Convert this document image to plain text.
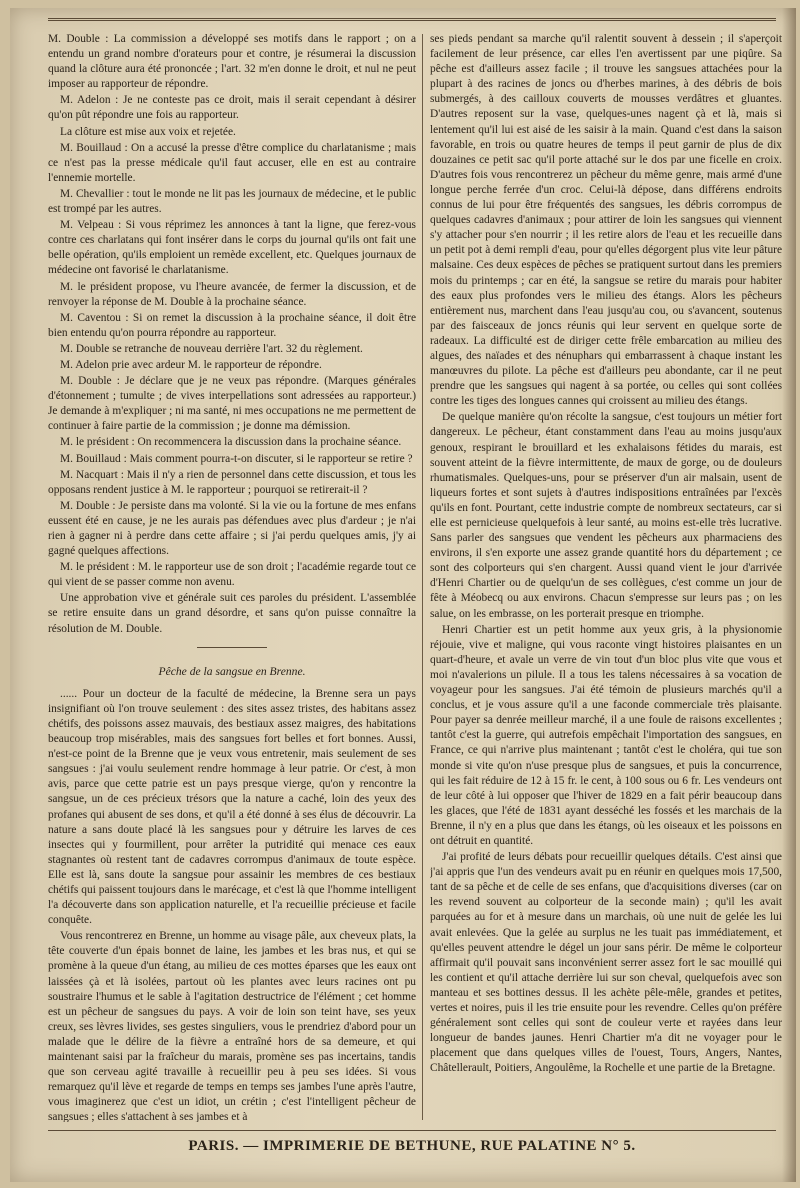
M. Double : La commission a développé ses motifs dans le rapport ; on a entendu un grand nombre d'orateurs pour et contre, je résumerai la discussion quand la clôture aura été prononcée ; l'art. 32 m'en donne le droit, et nul ne peut imposer au rapporteur de répondre.

M. Adelon : Je ne conteste pas ce droit, mais il serait cependant à désirer qu'on pût répondre une fois au rapporteur.

La clôture est mise aux voix et rejetée.

M. Bouillaud : On a accusé la presse d'être complice du charlatanisme ; mais ce n'est pas la presse médicale qu'il faut accuser, elle en est au contraire l'ennemie mortelle.

M. Chevallier : tout le monde ne lit pas les journaux de médecine, et le public est trompé par les autres.

M. Velpeau : Si vous réprimez les annonces à tant la ligne, que ferez-vous contre ces charlatans qui font insérer dans le corps du journal qu'ils ont fait une belle opération, qu'ils emploient un remède excellent, etc. Quelques journaux de médecine ont favorisé le charlatanisme.

M. le président propose, vu l'heure avancée, de fermer la discussion, et de renvoyer la réponse de M. Double à la prochaine séance.

M. Caventou : Si on remet la discussion à la prochaine séance, il doit être bien entendu qu'on pourra répondre au rapporteur.

M. Double se retranche de nouveau derrière l'art. 32 du règlement.

M. Adelon prie avec ardeur M. le rapporteur de répondre.

M. Double : Je déclare que je ne veux pas répondre. (Marques générales d'étonnement ; tumulte ; de vives interpellations sont adressées au rapporteur.) Je demande à m'expliquer ; ni ma santé, ni mes occupations ne me permettent de continuer à faire partie de la commission ; je donne ma démission.

M. le président : On recommencera la discussion dans la prochaine séance.

M. Bouillaud : Mais comment pourra-t-on discuter, si le rapporteur se retire ?

M. Nacquart : Mais il n'y a rien de personnel dans cette discussion, et tous les opposans rendent justice à M. le rapporteur ; pourquoi se retirerait-il ?

M. Double : Je persiste dans ma volonté. Si la vie ou la fortune de mes enfans eussent été en cause, je ne les aurais pas défendues avec plus d'ardeur ; je n'ai rien à gagner ni à perdre dans cette affaire ; si j'ai perdu quelques amis, j'y ai gagné quelques affections.

M. le président : M. le rapporteur use de son droit ; l'académie regarde tout ce qui vient de se passer comme non avenu.

Une approbation vive et générale suit ces paroles du président. L'assemblée se retire ensuite dans un grand désordre, et sans qu'on puisse connaître la résolution de M. Double.

Pêche de la sangsue en Brenne.

...... Pour un docteur de la faculté de médecine, la Brenne sera un pays insignifiant où l'on trouve seulement : des sites assez tristes, des habitans assez chétifs, des poissons assez mauvais, des bestiaux assez maigres, des habitations beaucoup trop misérables, mais des sangsues fort belles et fort bonnes. Aussi, n'est-ce point de la Brenne que je veux vous entretenir, mais seulement de ses sangsues : j'ai voulu seulement rendre hommage à leur patrie. Or c'est, à mon avis, parce que cette patrie est un pays presque vierge, qu'on y rencontre la sangsue, un de ces précieux trésors que la nature a caché, loin des yeux des profanes qui abusent de ses dons, et qu'il a été donné à ses élus de découvrir. La nature a sans doute placé là les sangsues pour y détruire les larves de ces insectes qui y fourmillent, pour arrêter la putridité qui menace ces eaux stagnantes où restent tant de cadavres corrompus d'animaux de toute espèce. Elle est là, sans doute la sangsue pour assainir les membres de ces bestiaux chétifs qui paissent toujours dans le marécage, et c'est là que l'homme intelligent l'a découverte dans son application naturelle, et l'a recueillie précieuse et facile conquête.

Vous rencontrerez en Brenne, un homme au visage pâle, aux cheveux plats, la tête couverte d'un épais bonnet de laine, les jambes et les bras nus, et qui se promène à la queue d'un étang, au milieu de ces mottes éparses que les eaux ont laissées çà et là isolées, partout où les plantes avec leurs racines ont pu soustraire l'humus et le sable à l'agitation destructrice de l'élément ; cet homme est un pêcheur de sangsues du pays. A voir de loin son teint have, ses yeux creux, ses lèvres livides, ses gestes singuliers, vous le prendriez d'abord pour un malade que le délire de la fièvre a entraîné hors de sa demeure, et qui maintenant saisi par la fraîcheur du marais, promène ses pas incertains, tandis que son cerveau agité travaille à recueillir peu à peu ses idées. Si vous remarquez qu'il lève et regarde de temps en temps ses jambes l'une après l'autre, vous imaginerez que c'est un idiot, un crétin ; c'est l'intelligent pêcheur de sangsues ; elles s'attachent à ses jambes et à

ses pieds pendant sa marche qu'il ralentit souvent à dessein ; il s'aperçoit facilement de leur présence, car elles l'en avertissent par une piqûre. Sa pêche est d'ailleurs assez facile ; il trouve les sangsues attachées pour la plupart à des racines de joncs ou d'herbes marines, à des débris de bois submergés, à des cailloux couverts de mousses verdâtres et gluantes. D'autres reposent sur la vase, quelques-unes nagent çà et là, mais si lentement qu'il lui est aisé de les saisir à la main. Quand c'est dans la saison favorable, en trois ou quatre heures de temps il peut garnir de plus de dix douzaines ce petit sac qu'il porte attaché sur le dos par une ficelle en croix. D'autres fois vous rencontrerez un pêcheur du même genre, mais armé d'une longue perche ferrée d'un croc. Celui-là dépose, dans différens endroits connus de lui pour être fréquentés des sangsues, les débris corrompus de quelques cadavres d'animaux ; pour attirer de loin les sangsues qui viennent s'y attacher pour s'en nourrir ; il les retire alors de l'eau et les recueille dans un petit pot à demi rempli d'eau, pour qu'elles dégorgent plus vite leur pâture malsaine. Ces deux espèces de pêches se pratiquent surtout dans les premiers mois du printemps ; car en été, la sangsue se retire du marais pour habiter des eaux plus profondes vers le milieu des étangs. Alors les pêcheurs entièrement nus, marchent dans l'eau jusqu'au cou, ou s'avancent, soutenus par des faisceaux de joncs réunis qui leur servent en quelque sorte de radeaux. La difficulté est de diriger cette frêle embarcation au milieu des algues, des naïades et des nénuphars qui embarrassent à chaque instant les manœuvres du pilote. La pêche est d'ailleurs peu abondante, car il ne peut prendre que les sangsues qui nagent à sa portée, ou celles qui sont collées contre les tiges des longues cannes qui croissent au milieu des étangs.

De quelque manière qu'on récolte la sangsue, c'est toujours un métier fort dangereux. Le pêcheur, étant constamment dans l'eau au moins jusqu'aux genoux, respirant le brouillard et les exhalaisons fétides du marais, est souvent atteint de la fièvre intermittente, de maux de gorge, ou de douleurs rhumatismales. Quelques-uns, pour se préserver d'un air malsain, usent de liqueurs fortes et sont sujets à d'autres indispositions entraînées par l'excès qu'ils en font. Pourtant, cette industrie compte de nombreux sectateurs, car si elle est pernicieuse quelquefois à leur santé, au moins est-elle très lucrative. Sans parler des sangsues que vendent les pêcheurs aux pharmaciens des environs, il s'en exporte une assez grande quantité hors du département ; ce sont des colporteurs qui s'en chargent. Aussi quand vient le jour d'arrivée d'Henri Chartier ou de quelqu'un de ses collègues, c'est comme un jour de fête à Méobecq ou aux environs. Chacun s'empresse sur leurs pas ; on les salue, on les embrasse, on les porterait presque en triomphe.

Henri Chartier est un petit homme aux yeux gris, à la physionomie réjouie, vive et maligne, qui vous raconte vingt histoires plaisantes en un quart-d'heure, et avale un verre de vin tout d'un bloc plus vite que vous et moi n'avalerions un pilule. Il a tous les talens nécessaires à sa vocation de voyageur pour les sangsues. J'ai été témoin de plusieurs marchés qu'il a conclus, et je vous assure qu'il a une faconde commerciale très plaisante. Pour payer sa denrée meilleur marché, il a une foule de raisons excellentes ; tantôt c'est la guerre, qui autrefois empêchait l'importation des sangsues, en France, ce qui n'arrive plus maintenant ; tantôt c'est le choléra, qui tue son monde si vite qu'on n'use presque plus de sangsues, et puis la concurrence, qui les fait réduire de 12 à 15 fr. le cent, à 100 sous ou 6 fr. Les vendeurs ont de leur côté à lui opposer que l'hiver de 1829 en a fait périr beaucoup dans les glaces, que l'été de 1831 ayant desséché les fossés et les marchais de la Brenne, il n'y en a plus que dans les étangs, où les oiseaux et les poissons en ont détruit en quantité.

J'ai profité de leurs débats pour recueillir quelques détails. C'est ainsi que j'ai appris que l'un des vendeurs avait pu en réunir en quelques mois 17,500, tant de sa pêche et de celle de ses enfans, que d'acquisitions diverses (car on les revend souvent au colporteur de la seconde main) ; qu'il les avait parquées au for et à mesure dans un marchais, où une nuit de gelée les lui avait enlevées. Que la gelée au surplus ne les tuait pas immédiatement, et qu'elles peuvent attendre le dégel un jour sans périr. De même le colporteur affirmait qu'il pouvait sans inconvénient serrer assez fort le sac mouillé qui les contient et qu'il attache derrière lui sur son cheval, quelquefois avec son manteau et ses bottines dessus. Il les achète pêle-mêle, grandes et petites, vertes et noires, puis il les trie ensuite pour les revendre. Celles qu'on préfère généralement sont celles qui sont de couleur verte et rayées dans leur longueur de bandes jaunes. Henri Chartier m'a dit ne voyager pour le placement que dans quelques villes de l'ouest, Tours, Angers, Nantes, Châtellerault, Poitiers, Angoulême, la Rochelle et une partie de la Bretagne.

PARIS. — IMPRIMERIE DE BETHUNE, RUE PALATINE N° 5.
